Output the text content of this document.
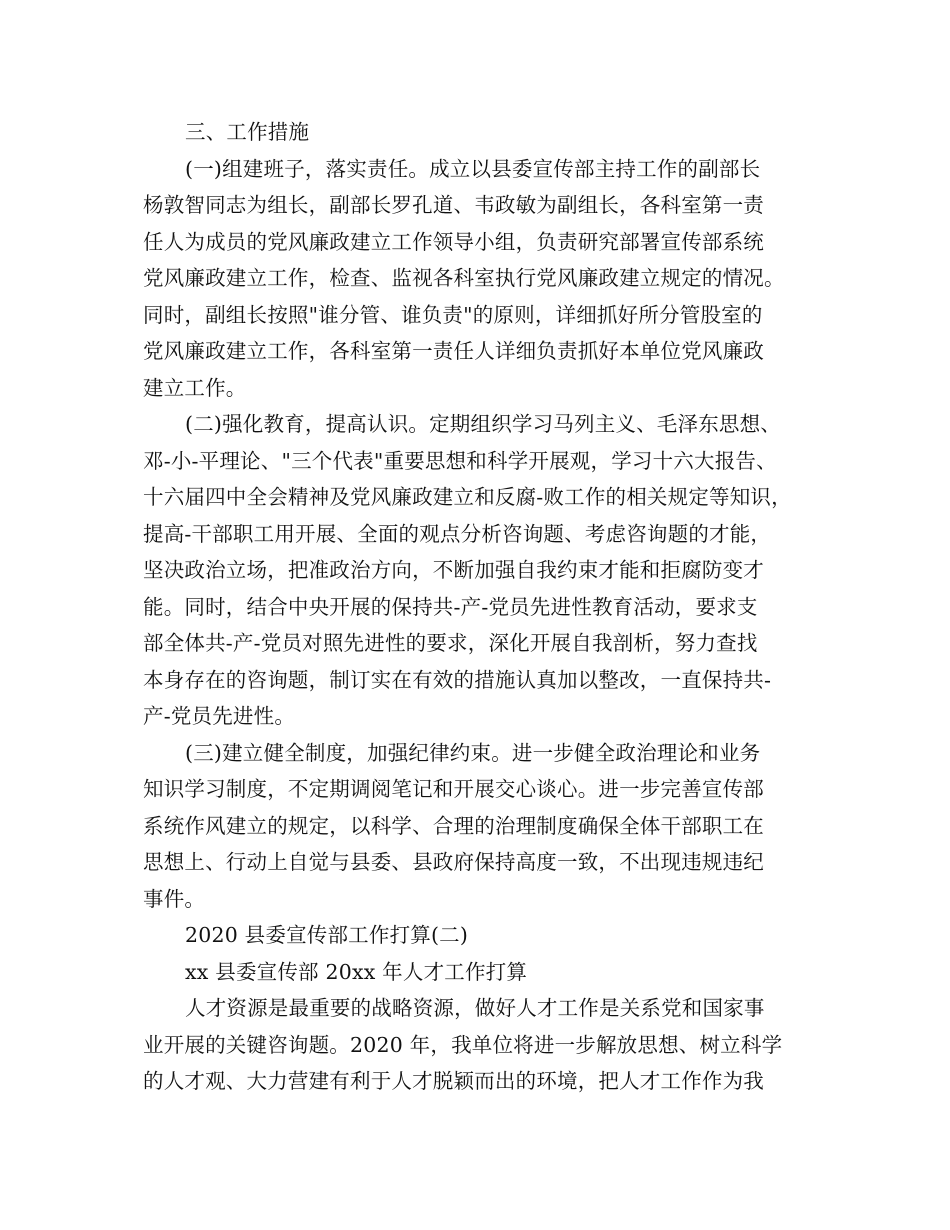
三、工作措施

(一)组建班子，落实责任。成立以县委宣传部主持工作的副部长
杨敦智同志为组长，副部长罗孔道、韦政敏为副组长，各科室第一责
任人为成员的党风廉政建立工作领导小组，负责研究部署宣传部系统
党风廉政建立工作，检查、监视各科室执行党风廉政建立规定的情况。
同时，副组长按照"谁分管、谁负责"的原则，详细抓好所分管股室的
党风廉政建立工作，各科室第一责任人详细负责抓好本单位党风廉政
建立工作。

(二)强化教育，提高认识。定期组织学习马列主义、毛泽东思想、
邓-小-平理论、"三个代表"重要思想和科学开展观，学习十六大报告、
十六届四中全会精神及党风廉政建立和反腐-败工作的相关规定等知识，
提高-干部职工用开展、全面的观点分析咨询题、考虑咨询题的才能，
坚决政治立场，把准政治方向，不断加强自我约束才能和拒腐防变才
能。同时，结合中央开展的保持共-产-党员先进性教育活动，要求支
部全体共-产-党员对照先进性的要求，深化开展自我剖析，努力查找
本身存在的咨询题，制订实在有效的措施认真加以整改，一直保持共-
产-党员先进性。

(三)建立健全制度，加强纪律约束。进一步健全政治理论和业务
知识学习制度，不定期调阅笔记和开展交心谈心。进一步完善宣传部
系统作风建立的规定，以科学、合理的治理制度确保全体干部职工在
思想上、行动上自觉与县委、县政府保持高度一致，不出现违规违纪
事件。

2020 县委宣传部工作打算(二)

xx 县委宣传部 20xx 年人才工作打算

人才资源是最重要的战略资源，做好人才工作是关系党和国家事
业开展的关键咨询题。2020 年，我单位将进一步解放思想、树立科学
的人才观、大力营建有利于人才脱颖而出的环境，把人才工作作为我
